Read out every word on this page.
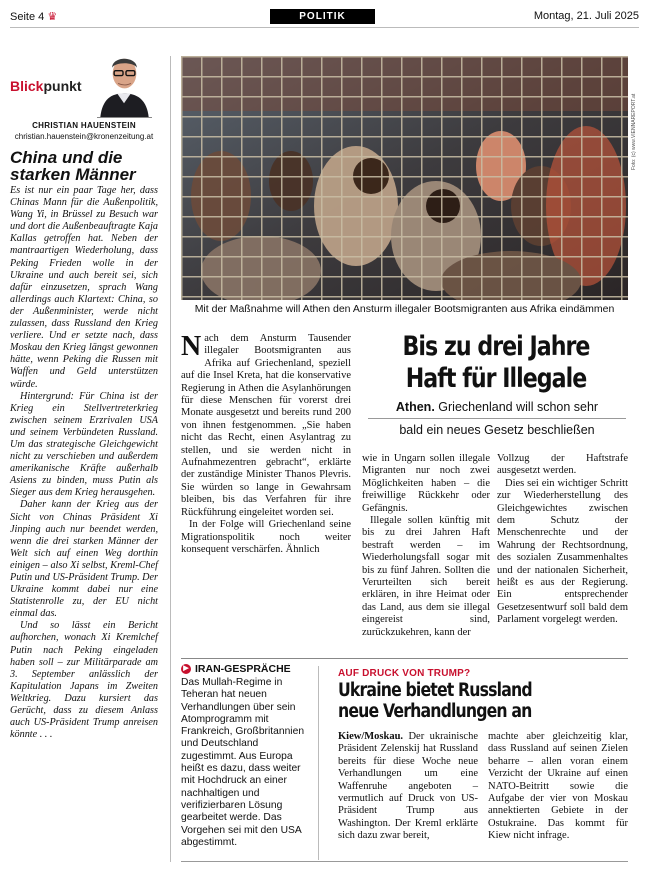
Seite 4 ♛	POLITIK	Montag, 21. Juli 2025
Blickpunkt
CHRISTIAN HAUENSTEIN
christian.hauenstein@kronenzeitung.at
China und die starken Männer

Es ist nur ein paar Tage her, dass Chinas Mann für die Außenpolitik, Wang Yi, in Brüssel zu Besuch war und dort die Außenbeauftragte Kaja Kallas getroffen hat. Neben der mantraartigen Wiederholung, dass Peking Frieden wolle in der Ukraine und auch bereit sei, sich dafür einzusetzen, sprach Wang allerdings auch Klartext: China, so der Außenminister, werde nicht zulassen, dass Russland den Krieg verliere. Und er setzte nach, dass Moskau den Krieg längst gewonnen hätte, wenn Peking die Russen mit Waffen und Geld unterstützen würde.

Hintergrund: Für China ist der Krieg ein Stellvertreterkrieg zwischen seinem Erzrivalen USA und seinem Verbündeten Russland. Um das strategische Gleichgewicht nicht zu verschieben und außerdem amerikanische Kräfte außerhalb Asiens zu binden, muss Putin als Sieger aus dem Krieg herausgehen.

Daher kann der Krieg aus der Sicht von Chinas Präsident Xi Jinping auch nur beendet werden, wenn die drei starken Männer der Welt sich auf einen Weg dorthin einigen – also Xi selbst, Kreml-Chef Putin und US-Präsident Trump. Der Ukraine kommt dabei nur eine Statistenrolle zu, der EU nicht einmal das.

Und so lässt ein Bericht aufhorchen, wonach Xi Kremlchef Putin nach Peking eingeladen haben soll – zur Militärparade am 3. September anlässlich der Kapitulation Japans im Zweiten Weltkrieg. Dazu kursiert das Gerücht, dass zu diesem Anlass auch US-Präsident Trump anreisen könnte . . .

Foto: (c) www.VIENNAREPORT.at
Mit der Maßnahme will Athen den Ansturm illegaler Bootsmigranten aus Afrika eindämmen

Nach dem Ansturm Tausender illegaler Bootsmigranten aus Afrika auf Griechenland, speziell auf die Insel Kreta, hat die konservative Regierung in Athen die Asylanhörungen für diese Menschen für vorerst drei Monate ausgesetzt und bereits rund 200 von ihnen festgenommen. „Sie haben nicht das Recht, einen Asylantrag zu stellen, und sie werden nicht in Aufnahmezentren gebracht“, erklärte der zuständige Minister Thanos Plevris. Sie würden so lange in Gewahrsam bleiben, bis das Verfahren für ihre Rückführung eingeleitet worden sei.

In der Folge will Griechenland seine Migrationspolitik noch weiter konsequent verschärfen. Ähnlich

Bis zu drei Jahre
Haft für Illegale
Athen. Griechenland will schon sehr
bald ein neues Gesetz beschließen

wie in Ungarn sollen illegale Migranten nur noch zwei Möglichkeiten haben – die freiwillige Rückkehr oder Gefängnis.

Illegale sollen künftig mit bis zu drei Jahren Haft bestraft werden – im Wiederholungsfall sogar mit bis zu fünf Jahren. Sollten die Verurteilten sich bereit erklären, in ihre Heimat oder das Land, aus dem sie illegal eingereist sind, zurückzukehren, kann der

Vollzug der Haftstrafe ausgesetzt werden.

Dies sei ein wichtiger Schritt zur Wiederherstellung des Gleichgewichtes zwischen dem Schutz der Menschenrechte und der Wahrung der Rechtsordnung, des sozialen Zusammenhaltes und der nationalen Sicherheit, heißt es aus der Regierung. Ein entsprechender Gesetzesentwurf soll bald dem Parlament vorgelegt werden.

▶ IRAN-GESPRÄCHE
Das Mullah-Regime in Teheran hat neuen Verhandlungen über sein Atomprogramm mit Frankreich, Großbritannien und Deutschland zugestimmt. Aus Europa heißt es dazu, dass weiter mit Hochdruck an einer nachhaltigen und verifizierbaren Lösung gearbeitet werde. Das Vorgehen sei mit den USA abgestimmt.
AUF DRUCK VON TRUMP?
Ukraine bietet Russland
neue Verhandlungen an

Kiew/Moskau. Der ukrainische Präsident Zelenskij hat Russland bereits für diese Woche neue Verhandlungen um eine Waffenruhe angeboten – vermutlich auf Druck von US-Präsident Trump aus Washington. Der Kreml erklärte sich dazu zwar bereit,

machte aber gleichzeitig klar, dass Russland auf seinen Zielen beharre – allen voran einem Verzicht der Ukraine auf einen NATO-Beitritt sowie die Aufgabe der vier von Moskau annektierten Gebiete in der Ostukraine. Das kommt für Kiew nicht infrage.
